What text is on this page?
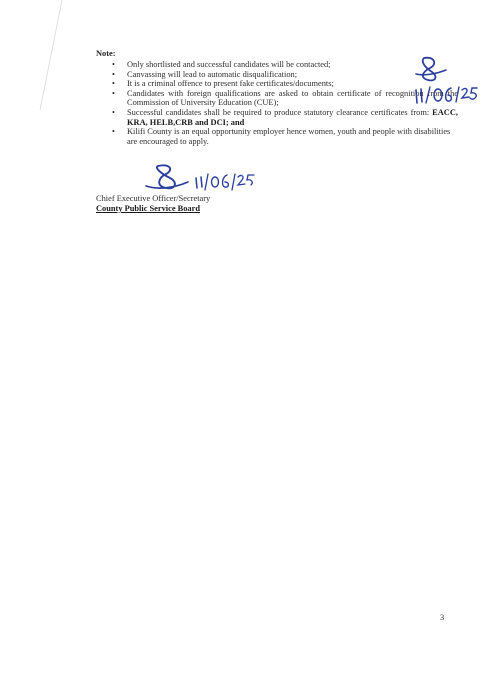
Note:
• Only shortlisted and successful candidates will be contacted;
• Canvassing will lead to automatic disqualification;
• It is a criminal offence to present fake certificates/documents;
• Candidates with foreign qualifications are asked to obtain certificate of recognition from the Commission of University Education (CUE);
• Successful candidates shall be required to produce statutory clearance certificates from: EACC, KRA, HELB,CRB and DCI; and
• Kilifi County is an equal opportunity employer hence women, youth and people with disabilities are encouraged to apply.
Chief Executive Officer/Secretary
County Public Service Board
3
